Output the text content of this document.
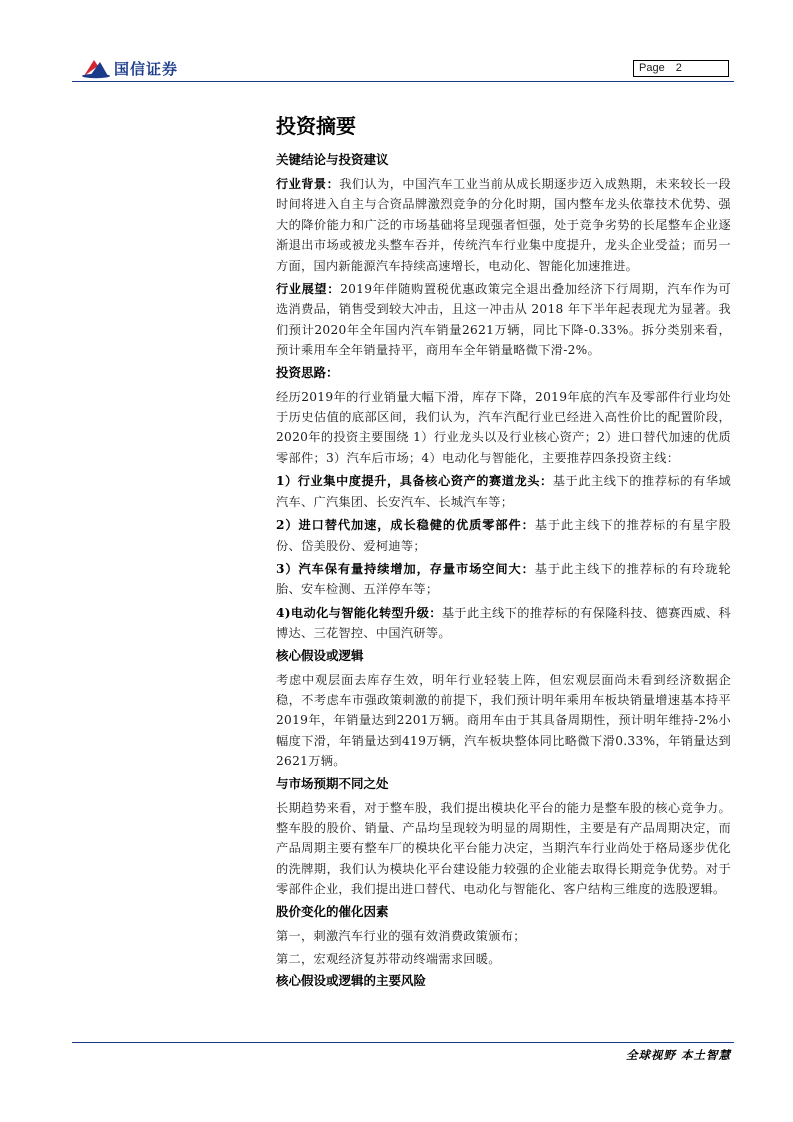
国信证券	Page 2
投资摘要
关键结论与投资建议

行业背景：我们认为，中国汽车工业当前从成长期逐步迈入成熟期，未来较长一段时间将进入自主与合资品牌激烈竞争的分化时期，国内整车龙头依靠技术优势、强大的降价能力和广泛的市场基础将呈现强者恒强，处于竞争劣势的长尾整车企业逐渐退出市场或被龙头整车吞并，传统汽车行业集中度提升，龙头企业受益；而另一方面，国内新能源汽车持续高速增长，电动化、智能化加速推进。

行业展望：2019年伴随购置税优惠政策完全退出叠加经济下行周期，汽车作为可选消费品，销售受到较大冲击，且这一冲击从 2018 年下半年起表现尤为显著。我们预计2020年全年国内汽车销量2621万辆，同比下降-0.33%。拆分类别来看，预计乘用车全年销量持平，商用车全年销量略微下滑-2%。

投资思路：

经历2019年的行业销量大幅下滑，库存下降，2019年底的汽车及零部件行业均处于历史估值的底部区间，我们认为，汽车汽配行业已经进入高性价比的配置阶段，2020年的投资主要围绕 1）行业龙头以及行业核心资产；2）进口替代加速的优质零部件；3）汽车后市场；4）电动化与智能化，主要推荐四条投资主线：

1）行业集中度提升，具备核心资产的赛道龙头：基于此主线下的推荐标的有华域汽车、广汽集团、长安汽车、长城汽车等；

2）进口替代加速，成长稳健的优质零部件：基于此主线下的推荐标的有星宇股份、岱美股份、爱柯迪等；

3）汽车保有量持续增加，存量市场空间大：基于此主线下的推荐标的有玲珑轮胎、安车检测、五洋停车等；

4)电动化与智能化转型升级：基于此主线下的推荐标的有保隆科技、德赛西威、科博达、三花智控、中国汽研等。

核心假设或逻辑

考虑中观层面去库存生效，明年行业轻装上阵，但宏观层面尚未看到经济数据企稳，不考虑车市强政策刺激的前提下，我们预计明年乘用车板块销量增速基本持平2019年，年销量达到2201万辆。商用车由于其具备周期性，预计明年维持-2%小幅度下滑，年销量达到419万辆，汽车板块整体同比略微下滑0.33%，年销量达到2621万辆。

与市场预期不同之处

长期趋势来看，对于整车股，我们提出模块化平台的能力是整车股的核心竞争力。整车股的股价、销量、产品均呈现较为明显的周期性，主要是有产品周期决定，而产品周期主要有整车厂的模块化平台能力决定，当期汽车行业尚处于格局逐步优化的洗牌期，我们认为模块化平台建设能力较强的企业能去取得长期竞争优势。对于零部件企业，我们提出进口替代、电动化与智能化、客户结构三维度的选股逻辑。

股价变化的催化因素

第一，刺激汽车行业的强有效消费政策颁布；

第二，宏观经济复苏带动终端需求回暖。

核心假设或逻辑的主要风险
全球视野 本土智慧
